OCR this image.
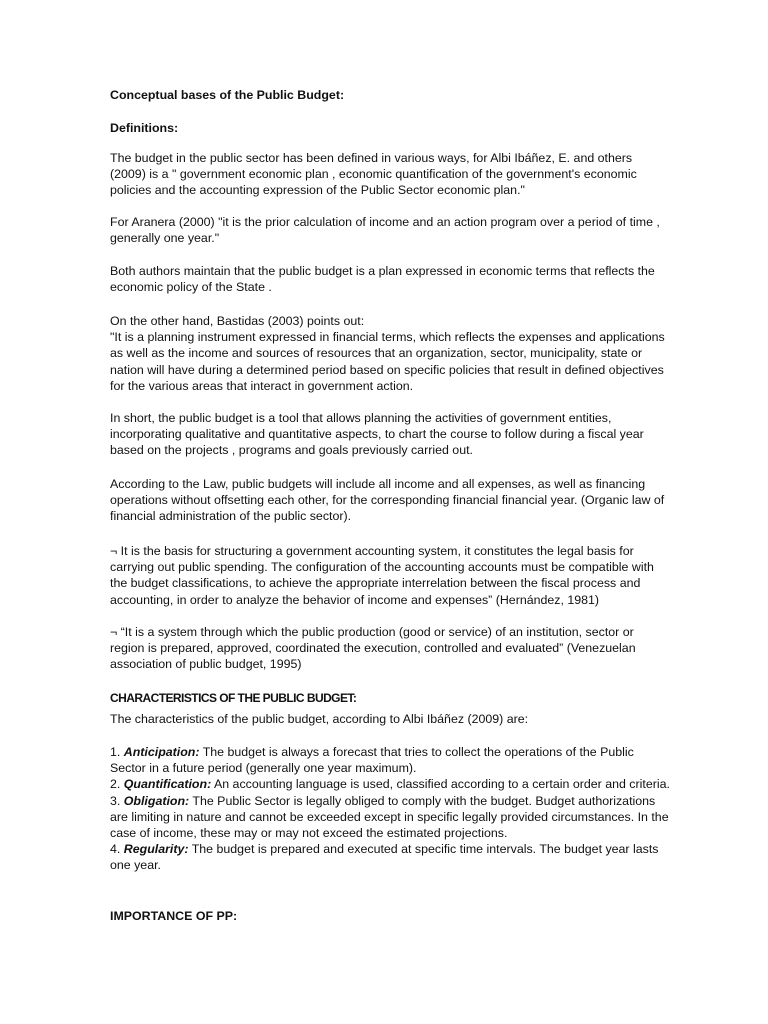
Conceptual bases of the Public Budget:
Definitions:
The budget in the public sector has been defined in various ways, for Albi Ibáñez, E. and others (2009) is a " government economic plan , economic quantification of the government's economic policies and the accounting expression of the Public Sector economic plan."
For Aranera (2000) "it is the prior calculation of income and an action program over a period of time , generally one year."
Both authors maintain that the public budget is a plan expressed in economic terms that reflects the economic policy of the State .

On the other hand, Bastidas (2003) points out:

"It is a planning instrument expressed in financial terms, which reflects the expenses and applications as well as the income and sources of resources that an organization, sector, municipality, state or nation will have during a determined period based on specific policies that result in defined objectives for the various areas that interact in government action.

In short, the public budget is a tool that allows planning the activities of government entities, incorporating qualitative and quantitative aspects, to chart the course to follow during a fiscal year based on the projects , programs and goals previously carried out.
According to the Law, public budgets will include all income and all expenses, as well as financing operations without offsetting each other, for the corresponding financial financial year. (Organic law of financial administration of the public sector).
¬ It is the basis for structuring a government accounting system, it constitutes the legal basis for carrying out public spending. The configuration of the accounting accounts must be compatible with the budget classifications, to achieve the appropriate interrelation between the fiscal process and accounting, in order to analyze the behavior of income and expenses” (Hernández, 1981)
¬ “It is a system through which the public production (good or service) of an institution, sector or region is prepared, approved, coordinated the execution, controlled and evaluated” (Venezuelan association of public budget, 1995)
CHARACTERISTICS OF THE PUBLIC BUDGET:
The characteristics of the public budget, according to Albi Ibáñez (2009) are:

1. Anticipation: The budget is always a forecast that tries to collect the operations of the Public Sector in a future period (generally one year maximum).

2. Quantification: An accounting language is used, classified according to a certain order and criteria.

3. Obligation: The Public Sector is legally obliged to comply with the budget. Budget authorizations are limiting in nature and cannot be exceeded except in specific legally provided circumstances. In the case of income, these may or may not exceed the estimated projections.

4. Regularity: The budget is prepared and executed at specific time intervals. The budget year lasts one year.

IMPORTANCE OF PP:
